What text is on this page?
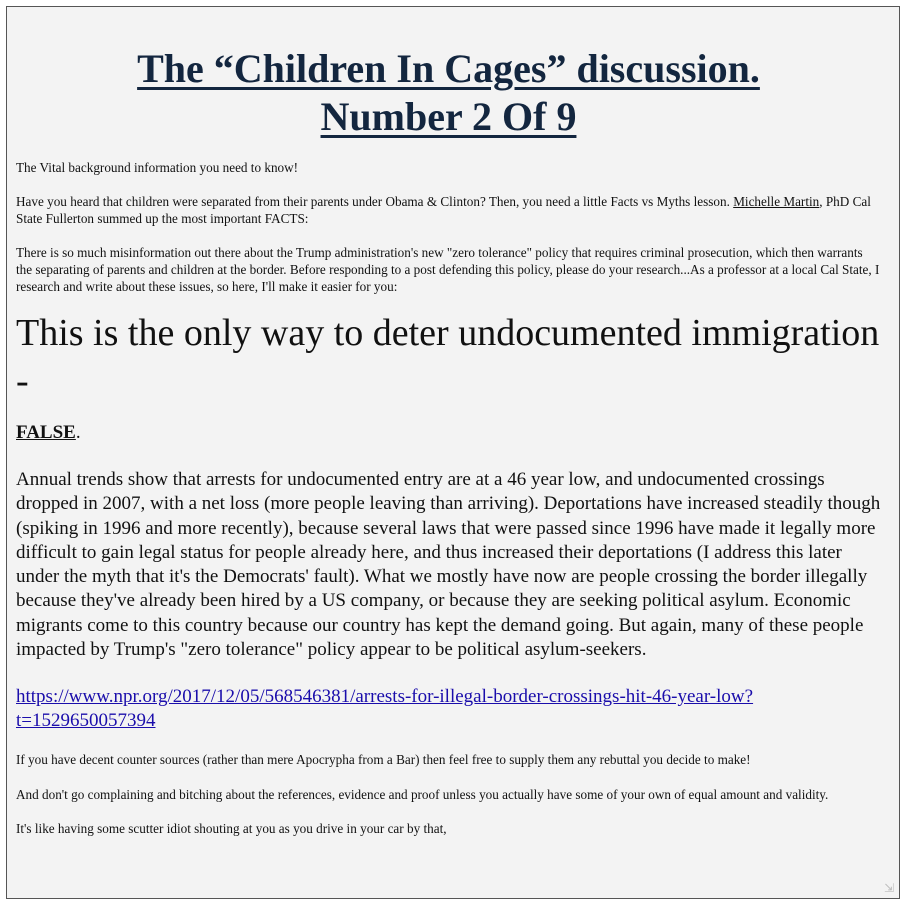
The “Children In Cages” discussion.
Number 2 Of 9

The Vital background information you need to know!

Have you heard that children were separated from their parents under Obama & Clinton? Then, you need a little Facts vs Myths lesson. Michelle Martin, PhD Cal State Fullerton summed up the most important FACTS:

There is so much misinformation out there about the Trump administration's new "zero tolerance" policy that requires criminal prosecution, which then warrants the separating of parents and children at the border. Before responding to a post defending this policy, please do your research...As a professor at a local Cal State, I research and write about these issues, so here, I'll make it easier for you:

This is the only way to deter undocumented immigration -

FALSE.

Annual trends show that arrests for undocumented entry are at a 46 year low, and undocumented crossings dropped in 2007, with a net loss (more people leaving than arriving). Deportations have increased steadily though (spiking in 1996 and more recently), because several laws that were passed since 1996 have made it legally more difficult to gain legal status for people already here, and thus increased their deportations (I address this later under the myth that it's the Democrats' fault). What we mostly have now are people crossing the border illegally because they've already been hired by a US company, or because they are seeking political asylum. Economic migrants come to this country because our country has kept the demand going. But again, many of these people impacted by Trump's "zero tolerance" policy appear to be political asylum-seekers.

https://www.npr.org/2017/12/05/568546381/arrests-for-illegal-border-crossings-hit-46-year-low?t=1529650057394

If you have decent counter sources (rather than mere Apocrypha from a Bar) then feel free to supply them any rebuttal you decide to make!

And don't go complaining and bitching about the references, evidence and proof unless you actually have some of your own of equal amount and validity.

It's like having some scutter idiot shouting at you as you drive in your car by that,

⇲
